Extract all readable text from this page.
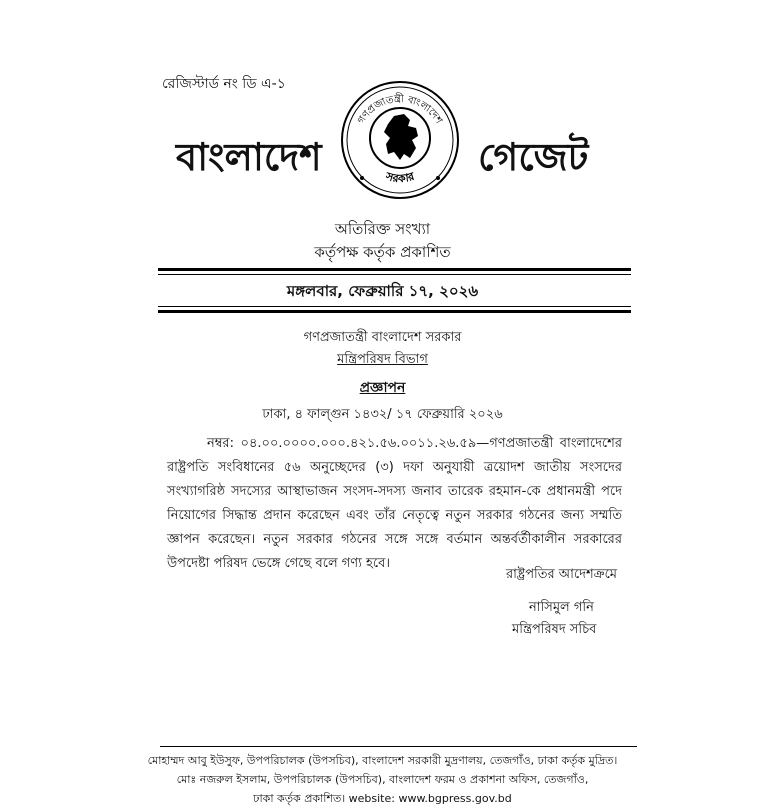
রেজিস্টার্ড নং ডি এ-১
বাংলাদেশ
গণপ্রজাতন্ত্রী বাংলাদেশ
সরকার গেজেট
অতিরিক্ত সংখ্যা
কর্তৃপক্ষ কর্তৃক প্রকাশিত
মঙ্গলবার, ফেব্রুয়ারি ১৭, ২০২৬
গণপ্রজাতন্ত্রী বাংলাদেশ সরকার
মন্ত্রিপরিষদ বিভাগ
প্রজ্ঞাপন
ঢাকা, ৪ ফাল্গুন ১৪৩২/ ১৭ ফেব্রুয়ারি ২০২৬
নম্বর: ০৪.০০.০০০০.০০০.৪২১.৫৬.০০১১.২৬.৫৯—গণপ্রজাতন্ত্রী বাংলাদেশের রাষ্ট্রপতি সংবিধানের ৫৬ অনুচ্ছেদের (৩) দফা অনুযায়ী ত্রয়োদশ জাতীয় সংসদের সংখ্যাগরিষ্ঠ সদস্যের আস্থাভাজন সংসদ-সদস্য জনাব তারেক রহমান-কে প্রধানমন্ত্রী পদে নিয়োগের সিদ্ধান্ত প্রদান করেছেন এবং তাঁর নেতৃত্বে নতুন সরকার গঠনের জন্য সম্মতি জ্ঞাপন করেছেন। নতুন সরকার গঠনের সঙ্গে সঙ্গে বর্তমান অন্তর্বর্তীকালীন সরকারের উপদেষ্টা পরিষদ ভেঙ্গে গেছে বলে গণ্য হবে।
রাষ্ট্রপতির আদেশক্রমে
নাসিমুল গনি
মন্ত্রিপরিষদ সচিব
মোহাম্মদ আবু ইউসুফ, উপপরিচালক (উপসচিব), বাংলাদেশ সরকারী মুদ্রণালয়, তেজগাঁও, ঢাকা কর্তৃক মুদ্রিত।
মোঃ নজরুল ইসলাম, উপপরিচালক (উপসচিব), বাংলাদেশ ফরম ও প্রকাশনা অফিস, তেজগাঁও,
ঢাকা কর্তৃক প্রকাশিত। website: www.bgpress.gov.bd
